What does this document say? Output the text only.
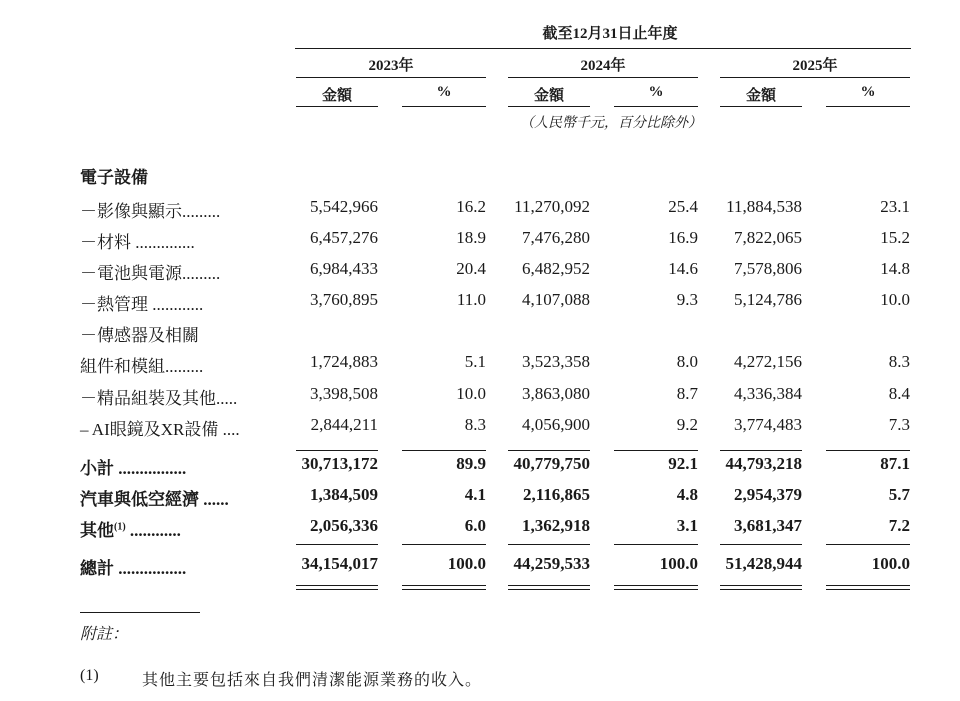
截至12月31日止年度
2023年	2024年	2025年
金額	%	金額	%	金額	%
（人民幣千元，百分比除外）
電子設備
－影像與顯示.........	5,542,966	16.2	11,270,092	25.4	11,884,538	23.1
－材料 ..............	6,457,276	18.9	7,476,280	16.9	7,822,065	15.2
－電池與電源.........	6,984,433	20.4	6,482,952	14.6	7,578,806	14.8
－熱管理 ............	3,760,895	11.0	4,107,088	9.3	5,124,786	10.0
－傳感器及相關
組件和模組.........	1,724,883	5.1	3,523,358	8.0	4,272,156	8.3
－精品組裝及其他.....	3,398,508	10.0	3,863,080	8.7	4,336,384	8.4
– AI眼鏡及XR設備 ....	2,844,211	8.3	4,056,900	9.2	3,774,483	7.3
小計 ................	30,713,172	89.9	40,779,750	92.1	44,793,218	87.1
汽車與低空經濟 ......	1,384,509	4.1	2,116,865	4.8	2,954,379	5.7
其他$^{(1)}$ ............	2,056,336	6.0	1,362,918	3.1	3,681,347	7.2
總計 ................	34,154,017	100.0	44,259,533	100.0	51,428,944	100.0
附註：
(1)	其他主要包括來自我們清潔能源業務的收入。
